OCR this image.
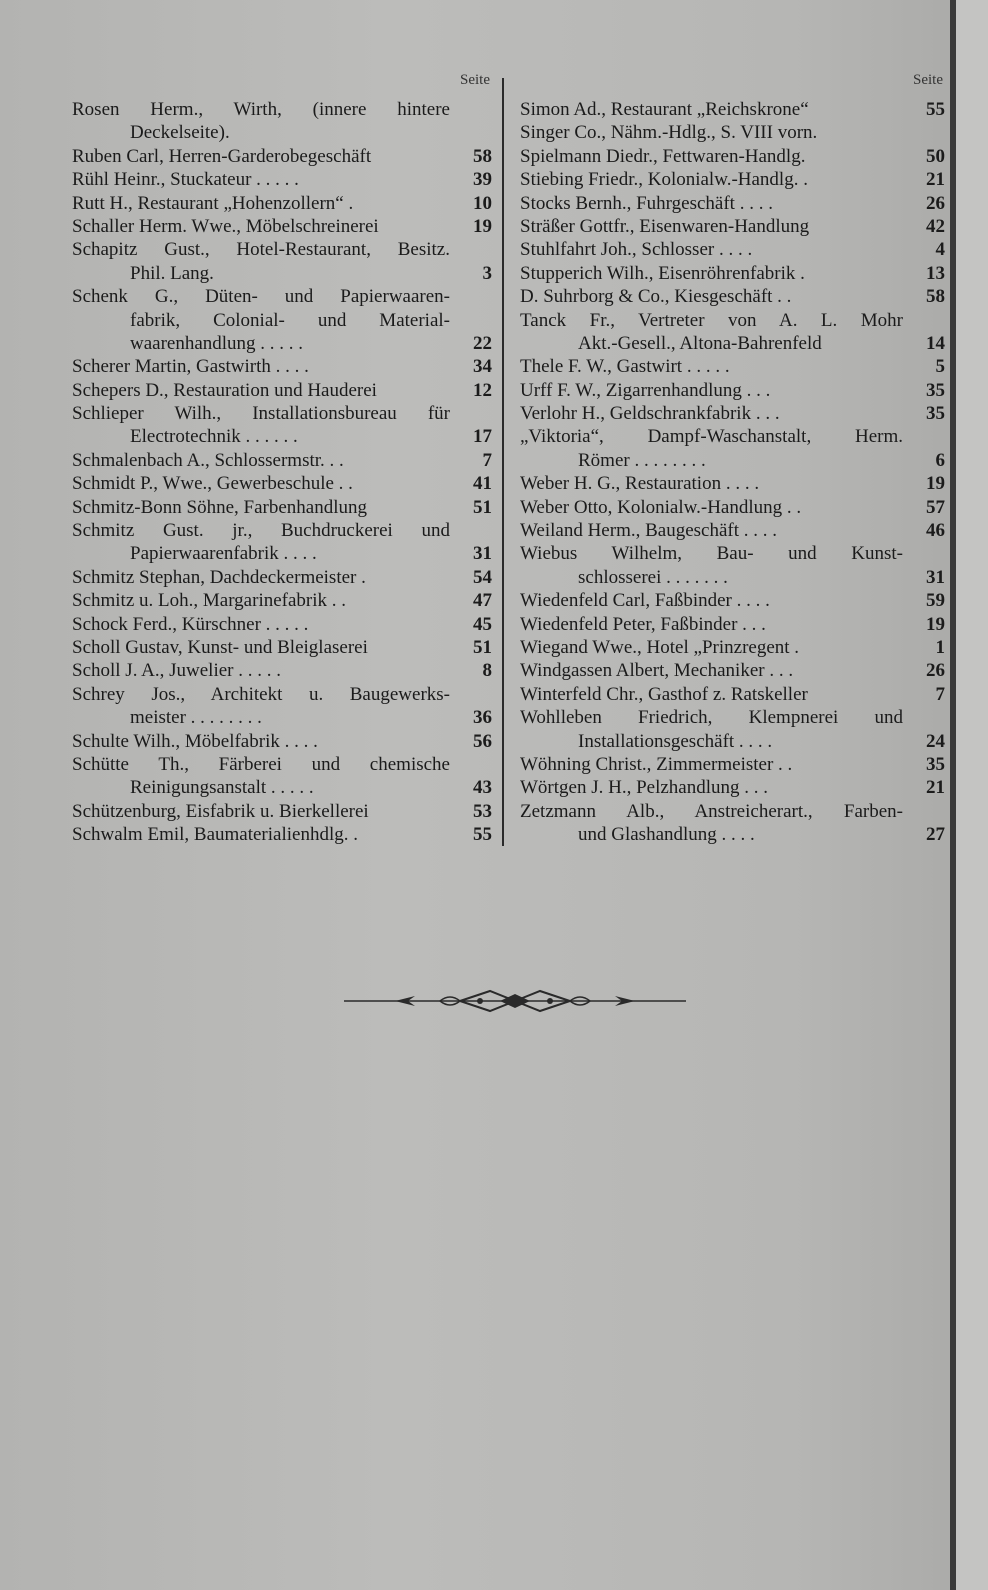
Seite
Rosen Herm., Wirth, (innere hintere
Deckelseite).
Ruben Carl, Herren-Garderobegeschäft	58
Rühl Heinr., Stuckateur . . . . .	39
Rutt H., Restaurant „Hohenzollern“ .	10
Schaller Herm. Wwe., Möbelschreinerei	19
Schapitz Gust., Hotel-Restaurant, Besitz.
Phil. Lang.	3
Schenk G., Düten- und Papierwaaren-
fabrik, Colonial- und Material-
waarenhandlung . . . . .	22
Scherer Martin, Gastwirth . . . .	34
Schepers D., Restauration und Hauderei	12
Schlieper Wilh., Installationsbureau für
Electrotechnik . . . . . .	17
Schmalenbach A., Schlossermstr. . .	7
Schmidt P., Wwe., Gewerbeschule . .	41
Schmitz-Bonn Söhne, Farbenhandlung	51
Schmitz Gust. jr., Buchdruckerei und
Papierwaarenfabrik . . . .	31
Schmitz Stephan, Dachdeckermeister .	54
Schmitz u. Loh., Margarinefabrik . .	47
Schock Ferd., Kürschner . . . . .	45
Scholl Gustav, Kunst- und Bleiglaserei	51
Scholl J. A., Juwelier . . . . .	8
Schrey Jos., Architekt u. Baugewerks-
meister . . . . . . . .	36
Schulte Wilh., Möbelfabrik . . . .	56
Schütte Th., Färberei und chemische
Reinigungsanstalt . . . . .	43
Schützenburg, Eisfabrik u. Bierkellerei	53
Schwalm Emil, Baumaterialienhdlg. .	55
Seite
Simon Ad., Restaurant „Reichskrone“	55
Singer Co., Nähm.-Hdlg., S. VIII vorn.
Spielmann Diedr., Fettwaren-Handlg.	50
Stiebing Friedr., Kolonialw.-Handlg. .	21
Stocks Bernh., Fuhrgeschäft . . . .	26
Sträßer Gottfr., Eisenwaren-Handlung	42
Stuhlfahrt Joh., Schlosser . . . .	4
Stupperich Wilh., Eisenröhrenfabrik .	13
D. Suhrborg & Co., Kiesgeschäft . .	58
Tanck Fr., Vertreter von A. L. Mohr
Akt.-Gesell., Altona-Bahrenfeld	14
Thele F. W., Gastwirt . . . . .	5
Urff F. W., Zigarrenhandlung . . .	35
Verlohr H., Geldschrankfabrik . . .	35
„Viktoria“, Dampf-Waschanstalt, Herm.
Römer . . . . . . . .	6
Weber H. G., Restauration . . . .	19
Weber Otto, Kolonialw.-Handlung . .	57
Weiland Herm., Baugeschäft . . . .	46
Wiebus Wilhelm, Bau- und Kunst-
schlosserei . . . . . . .	31
Wiedenfeld Carl, Faßbinder . . . .	59
Wiedenfeld Peter, Faßbinder . . .	19
Wiegand Wwe., Hotel „Prinzregent .	1
Windgassen Albert, Mechaniker . . .	26
Winterfeld Chr., Gasthof z. Ratskeller	7
Wohlleben Friedrich, Klempnerei und
Installationsgeschäft . . . .	24
Wöhning Christ., Zimmermeister . .	35
Wörtgen J. H., Pelzhandlung . . .	21
Zetzmann Alb., Anstreicherart., Farben-
und Glashandlung . . . .	27
